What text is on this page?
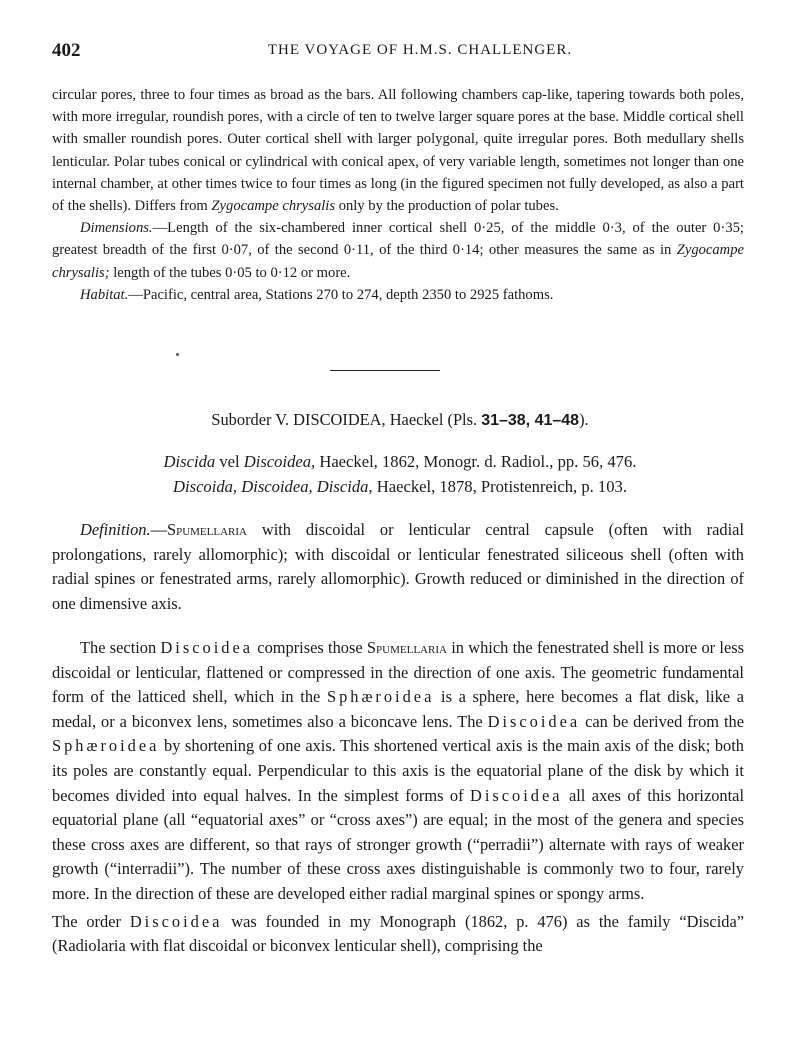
402	THE VOYAGE OF H.M.S. CHALLENGER.

circular pores, three to four times as broad as the bars. All following chambers cap-like, tapering towards both poles, with more irregular, roundish pores, with a circle of ten to twelve larger square pores at the base. Middle cortical shell with smaller roundish pores. Outer cortical shell with larger polygonal, quite irregular pores. Both medullary shells lenticular. Polar tubes conical or cylindrical with conical apex, of very variable length, sometimes not longer than one internal chamber, at other times twice to four times as long (in the figured specimen not fully developed, as also a part of the shells). Differs from Zygocampe chrysalis only by the production of polar tubes.

Dimensions.—Length of the six-chambered inner cortical shell 0·25, of the middle 0·3, of the outer 0·35; greatest breadth of the first 0·07, of the second 0·11, of the third 0·14; other measures the same as in Zygocampe chrysalis; length of the tubes 0·05 to 0·12 or more.

Habitat.—Pacific, central area, Stations 270 to 274, depth 2350 to 2925 fathoms.

Suborder V. DISCOIDEA, Haeckel (Pls. 31–38, 41–48).
Discida vel Discoidea, Haeckel, 1862, Monogr. d. Radiol., pp. 56, 476.
Discoida, Discoidea, Discida, Haeckel, 1878, Protistenreich, p. 103.

Definition.—Spumellaria with discoidal or lenticular central capsule (often with radial prolongations, rarely allomorphic); with discoidal or lenticular fenestrated siliceous shell (often with radial spines or fenestrated arms, rarely allomorphic). Growth reduced or diminished in the direction of one dimensive axis.

The section Discoidea comprises those Spumellaria in which the fenestrated shell is more or less discoidal or lenticular, flattened or compressed in the direction of one axis. The geometric fundamental form of the latticed shell, which in the Sphæroidea is a sphere, here becomes a flat disk, like a medal, or a biconvex lens, sometimes also a biconcave lens. The Discoidea can be derived from the Sphæroidea by shortening of one axis. This shortened vertical axis is the main axis of the disk; both its poles are constantly equal. Perpendicular to this axis is the equatorial plane of the disk by which it becomes divided into equal halves. In the simplest forms of Discoidea all axes of this horizontal equatorial plane (all “equatorial axes” or “cross axes”) are equal; in the most of the genera and species these cross axes are different, so that rays of stronger growth (“perradii”) alternate with rays of weaker growth (“interradii”). The number of these cross axes distinguishable is commonly two to four, rarely more. In the direction of these are developed either radial marginal spines or spongy arms.

The order Discoidea was founded in my Monograph (1862, p. 476) as the family “Discida” (Radiolaria with flat discoidal or biconvex lenticular shell), comprising the
